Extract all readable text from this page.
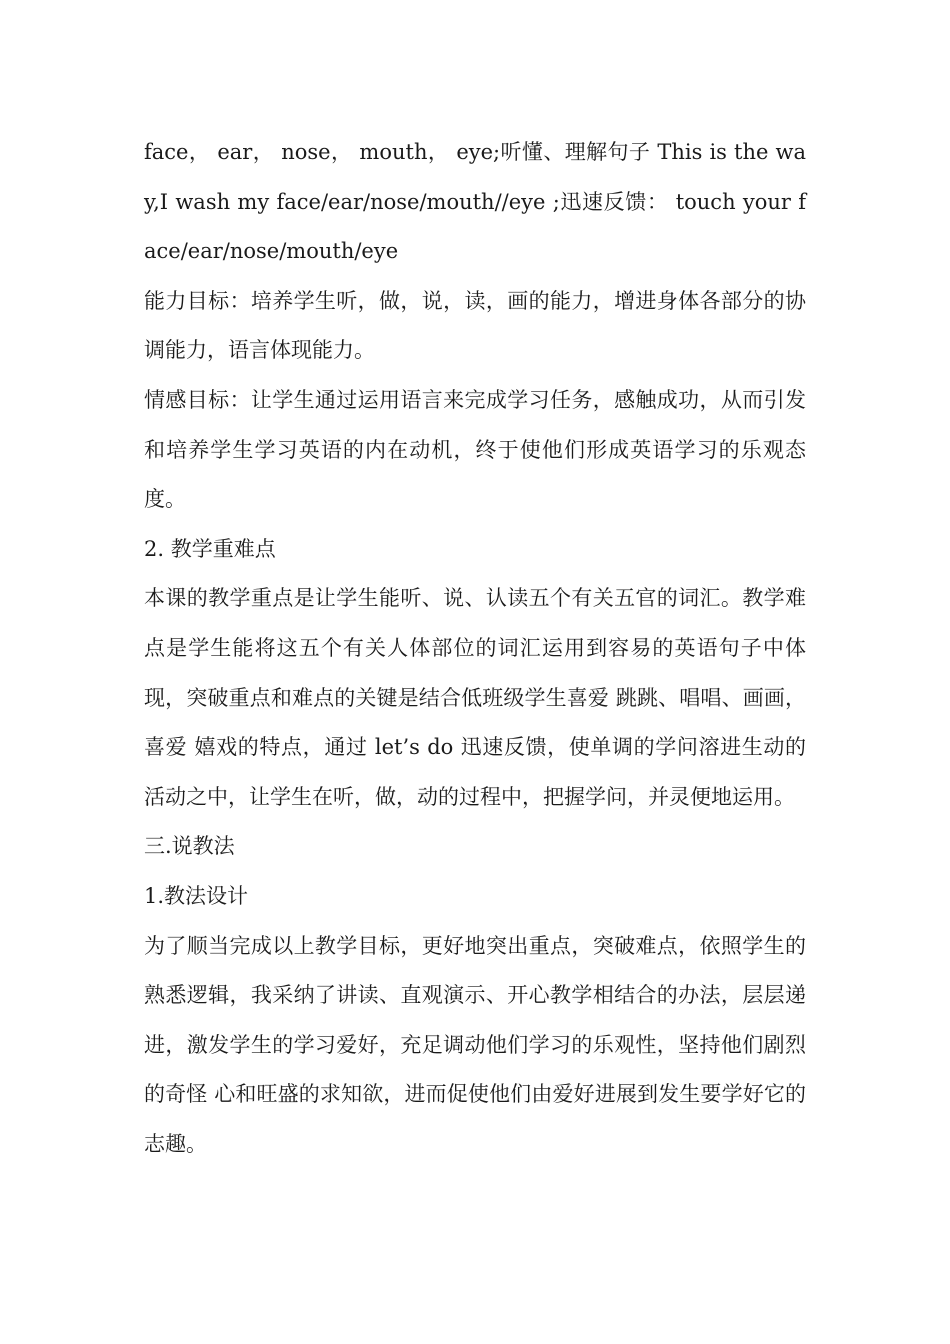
face， ear， nose， mouth， eye;听懂、理解句子 This is the way,I wash my face/ear/nose/mouth//eye ;迅速反馈： touch your face/ear/nose/mouth/eye

能力目标：培养学生听，做，说，读，画的能力，增进身体各部分的协调能力，语言体现能力。

情感目标：让学生通过运用语言来完成学习任务，感触成功，从而引发和培养学生学习英语的内在动机，终于使他们形成英语学习的乐观态度。

2. 教学重难点

本课的教学重点是让学生能听、说、认读五个有关五官的词汇。教学难点是学生能将这五个有关人体部位的词汇运用到容易的英语句子中体现，突破重点和难点的关键是结合低班级学生喜爱 跳跳、唱唱、画画，喜爱 嬉戏的特点，通过 let’s do 迅速反馈，使单调的学问溶进生动的活动之中，让学生在听，做，动的过程中，把握学问，并灵便地运用。

三.说教法

1.教法设计

为了顺当完成以上教学目标，更好地突出重点，突破难点，依照学生的熟悉逻辑，我采纳了讲读、直观演示、开心教学相结合的办法，层层递进，激发学生的学习爱好，充足调动他们学习的乐观性，坚持他们剧烈的奇怪 心和旺盛的求知欲，进而促使他们由爱好进展到发生要学好它的志趣。
